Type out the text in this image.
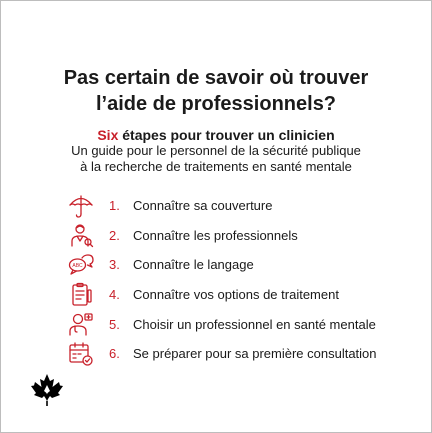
Pas certain de savoir où trouver
l’aide de professionnels?
Six étapes pour trouver un clinicien
Un guide pour le personnel de la sécurité publique
à la recherche de traitements en santé mentale
1.	Connaître sa couverture
2.	Connaître les professionnels
ABC 3.	Connaître le langage
4.	Connaître vos options de traitement
5.	Choisir un professionnel en santé mentale
6.	Se préparer pour sa première consultation
